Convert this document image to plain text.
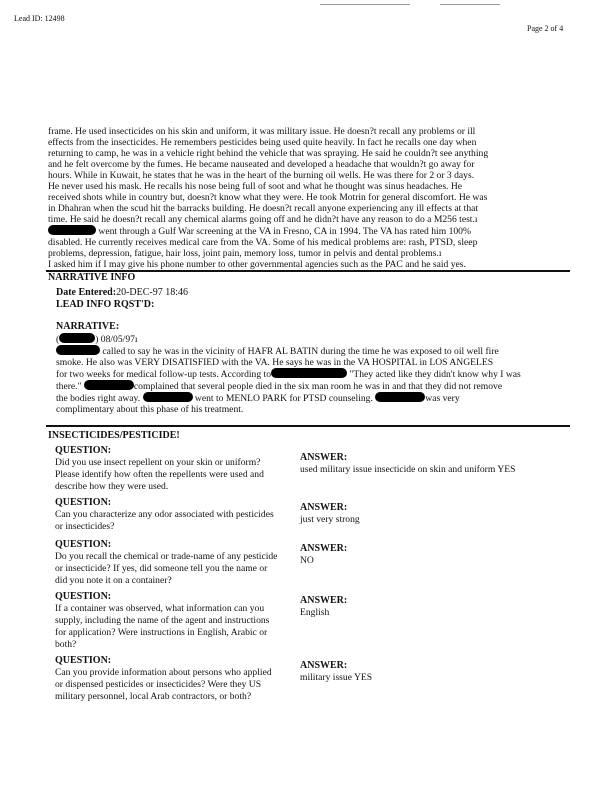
Lead ID: 12498
Page 2 of 4
frame. He used insecticides on his skin and uniform, it was military issue. He doesn?t recall any problems or ill
effects from the insecticides. He remembers pesticides being used quite heavily. In fact he recalls one day when
returning to camp, he was in a vehicle right behind the vehicle that was spraying. He said he couldn?t see anything
and he felt overcome by the fumes. He became nauseated and developed a headache that wouldn?t go away for
hours. While in Kuwait, he states that he was in the heart of the burning oil wells. He was there for 2 or 3 days.
He never used his mask. He recalls his nose being full of soot and what he thought was sinus headaches. He
received shots while in country but, doesn?t know what they were. He took Motrin for general discomfort. He was
in Dhahran when the scud hit the barracks building. He doesn?t recall anyone experiencing any ill effects at that
time. He said he doesn?t recall any chemical alarms going off and he didn?t have any reason to do a M256 test.ı
went through a Gulf War screening at the VA in Fresno, CA in 1994. The VA has rated him 100%
disabled. He currently receives medical care from the VA. Some of his medical problems are: rash, PTSD, sleep
problems, depression, fatigue, hair loss, joint pain, memory loss, tumor in pelvis and dental problems.ı
I asked him if I may give his phone number to other governmental agencies such as the PAC and he said yes.
NARRATIVE INFO
Date Entered:20-DEC-97 18:46
LEAD INFO RQST'D:
NARRATIVE:
(	) 08/05/97ı
called to say he was in the vicinity of HAFR AL BATIN during the time he was exposed to oil well fire
smoke. He also was VERY DISATISFIED with the VA. He says he was in the VA HOSPITAL in LOS ANGELES
for two weeks for medical follow-up tests. According to	"They acted like they didn't know why I was
there."	complained that several people died in the six man room he was in and that they did not remove
the bodies right away.	went to MENLO PARK for PTSD counseling.	was very
complimentary about this phase of his treatment.
INSECTICIDES/PESTICIDE!
QUESTION:
Did you use insect repellent on your skin or uniform? Please identify how often the repellents were used and describe how they were used.
ANSWER:
used military issue insecticide on skin and uniform YES
QUESTION:
Can you characterize any odor associated with pesticides or insecticides?
ANSWER:
just very strong
QUESTION:
Do you recall the chemical or trade-name of any pesticide or insecticide? If yes, did someone tell you the name or did you note it on a container?
ANSWER:
NO
QUESTION:
If a container was observed, what information can you supply, including the name of the agent and instructions for application? Were instructions in English, Arabic or both?
ANSWER:
English
QUESTION:
Can you provide information about persons who applied or dispensed pesticides or insecticides? Were they US military personnel, local Arab contractors, or both?
ANSWER:
military issue YES
